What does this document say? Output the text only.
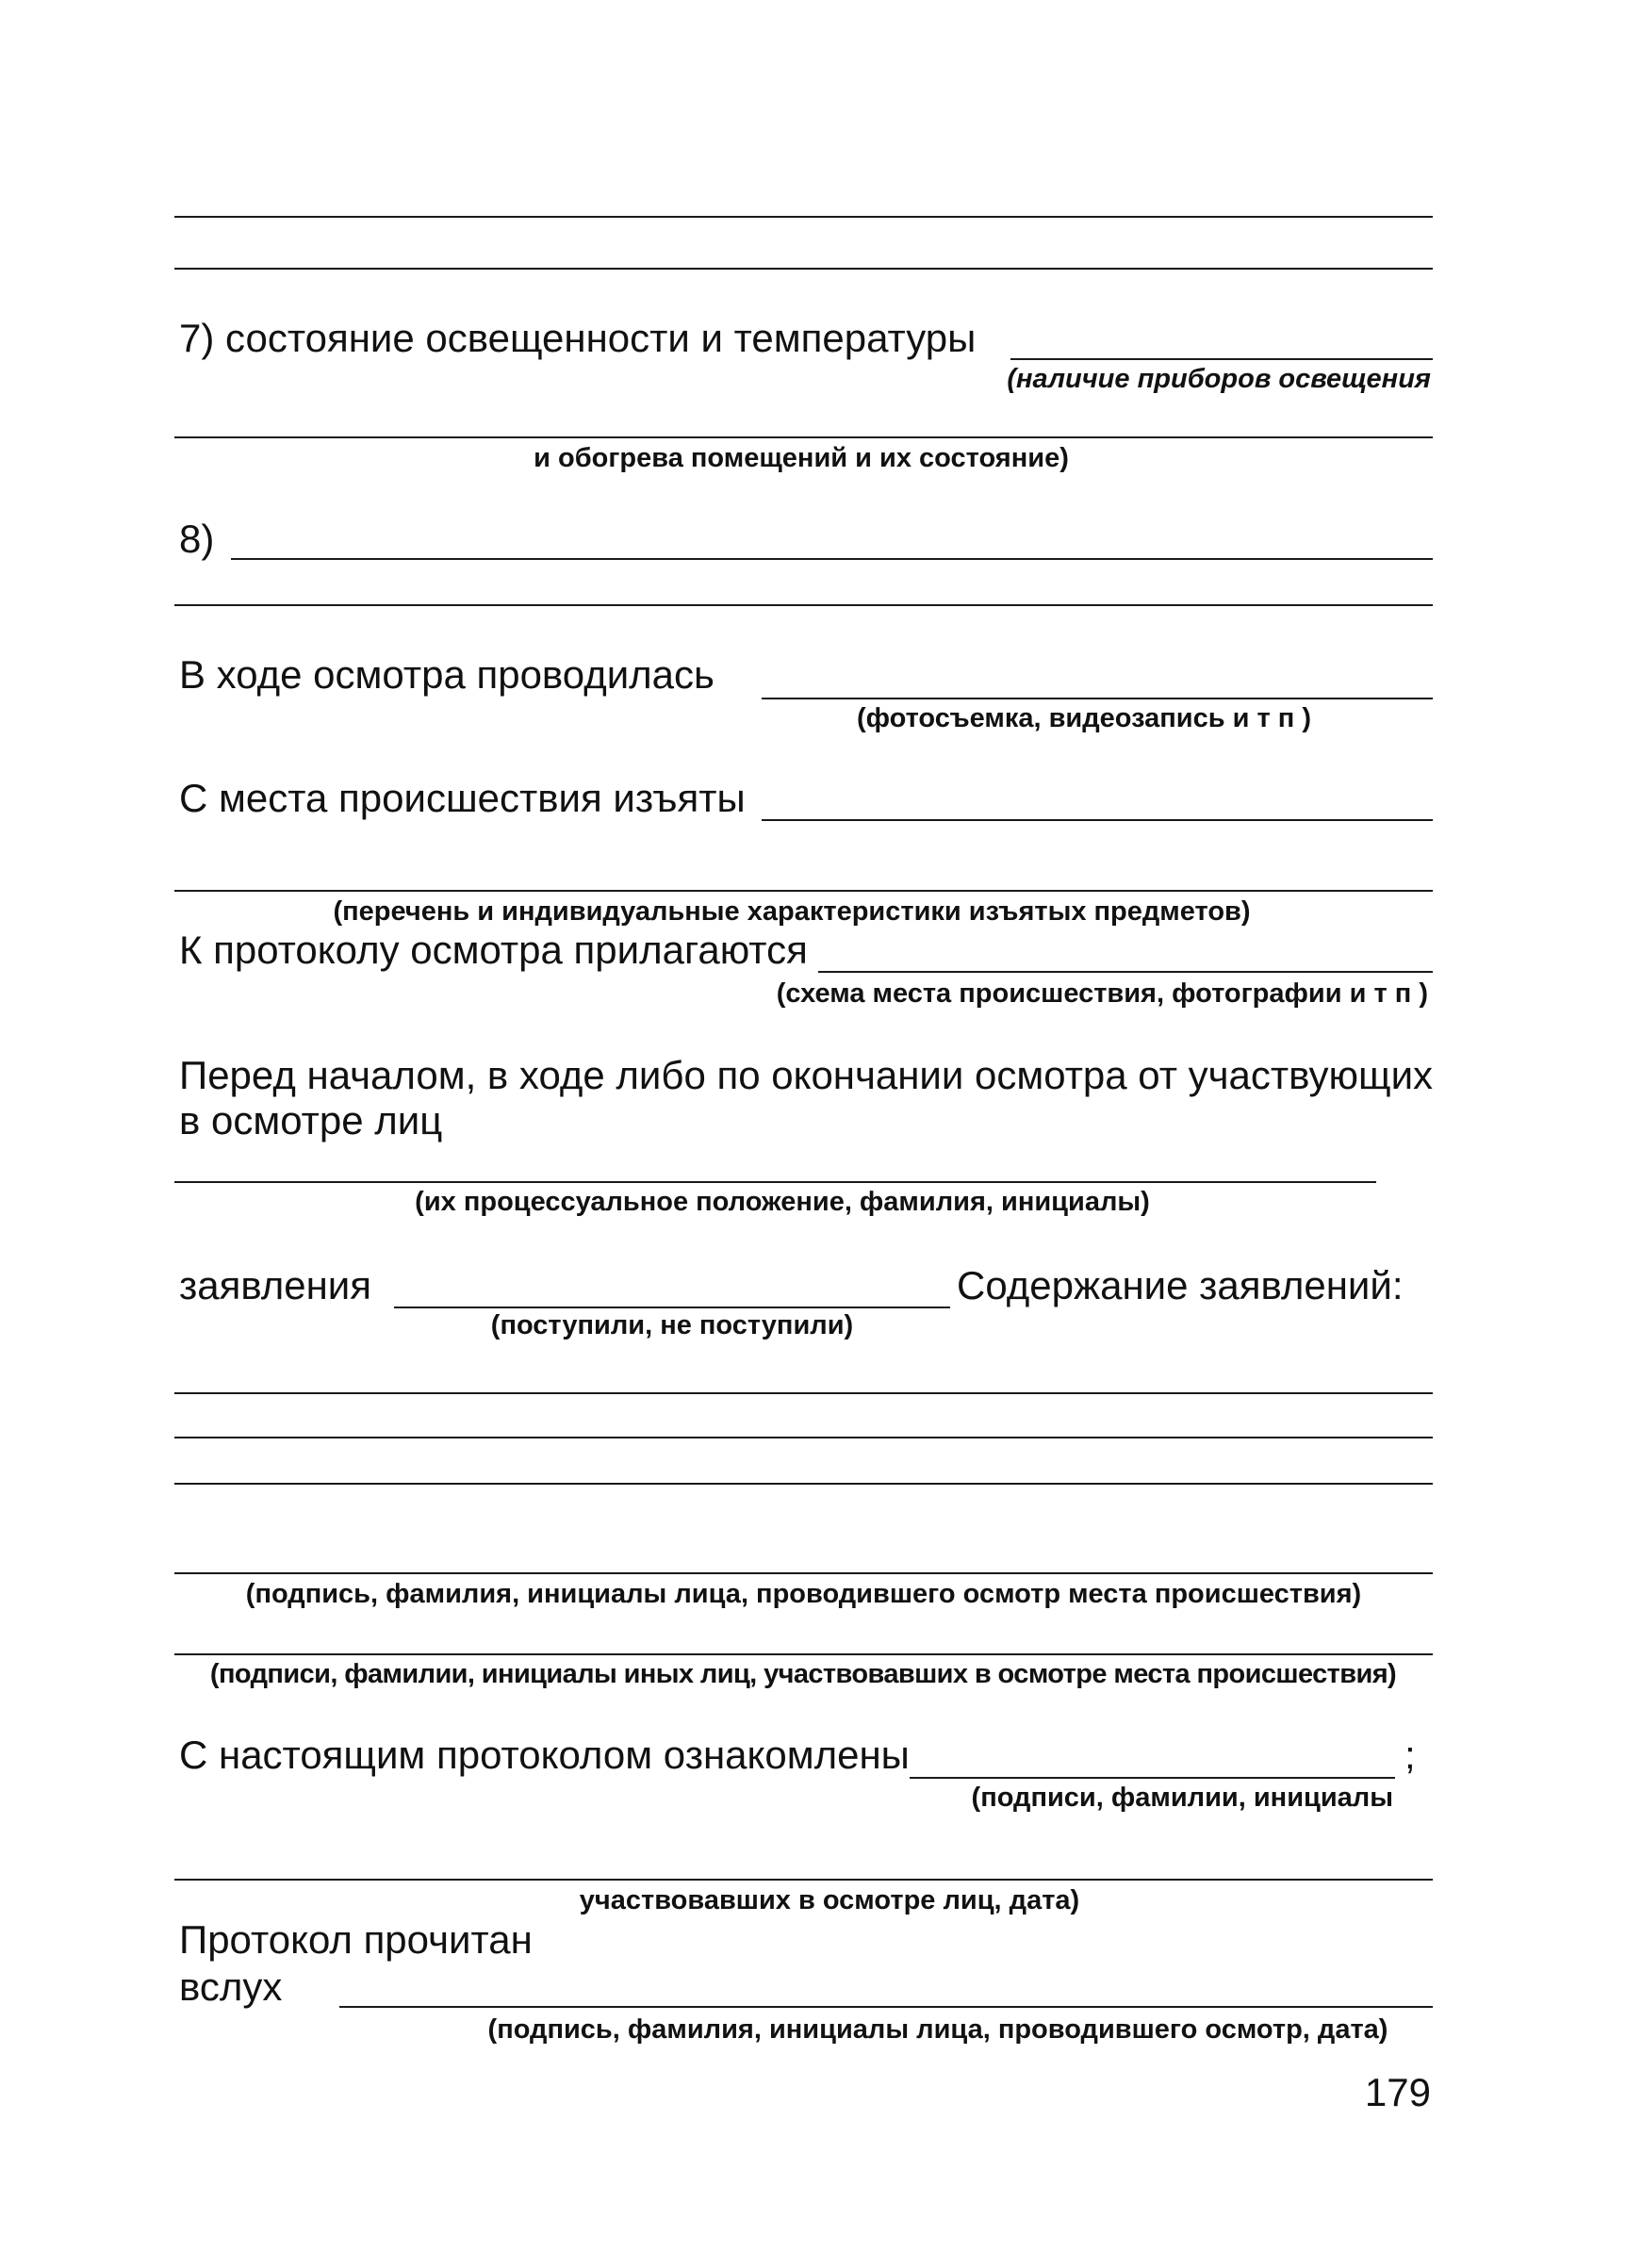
7) состояние освещенности и температуры
(наличие приборов освещения
и обогрева помещений и их состояние)
8)
В ходе осмотра проводилась
(фотосъемка, видеозапись и т п )
С места происшествия изъяты
(перечень и индивидуальные характеристики изъятых предметов)
К протоколу осмотра прилагаются
(схема места происшествия, фотографии и т п )
Перед началом, в ходе либо по окончании осмотра от участвующих в осмотре лиц
(их процессуальное положение, фамилия, инициалы)
заявления	Содержание заявлений:
(поступили, не поступили)
(подпись, фамилия, инициалы лица, проводившего осмотр места происшествия)
(подписи, фамилии, инициалы иных лиц, участвовавших в осмотре места происшествия)
С настоящим протоколом ознакомлены	;
(подписи, фамилии, инициалы
участвовавших в осмотре лиц, дата)
Протокол прочитан
вслух
(подпись, фамилия, инициалы лица, проводившего осмотр, дата)
179
